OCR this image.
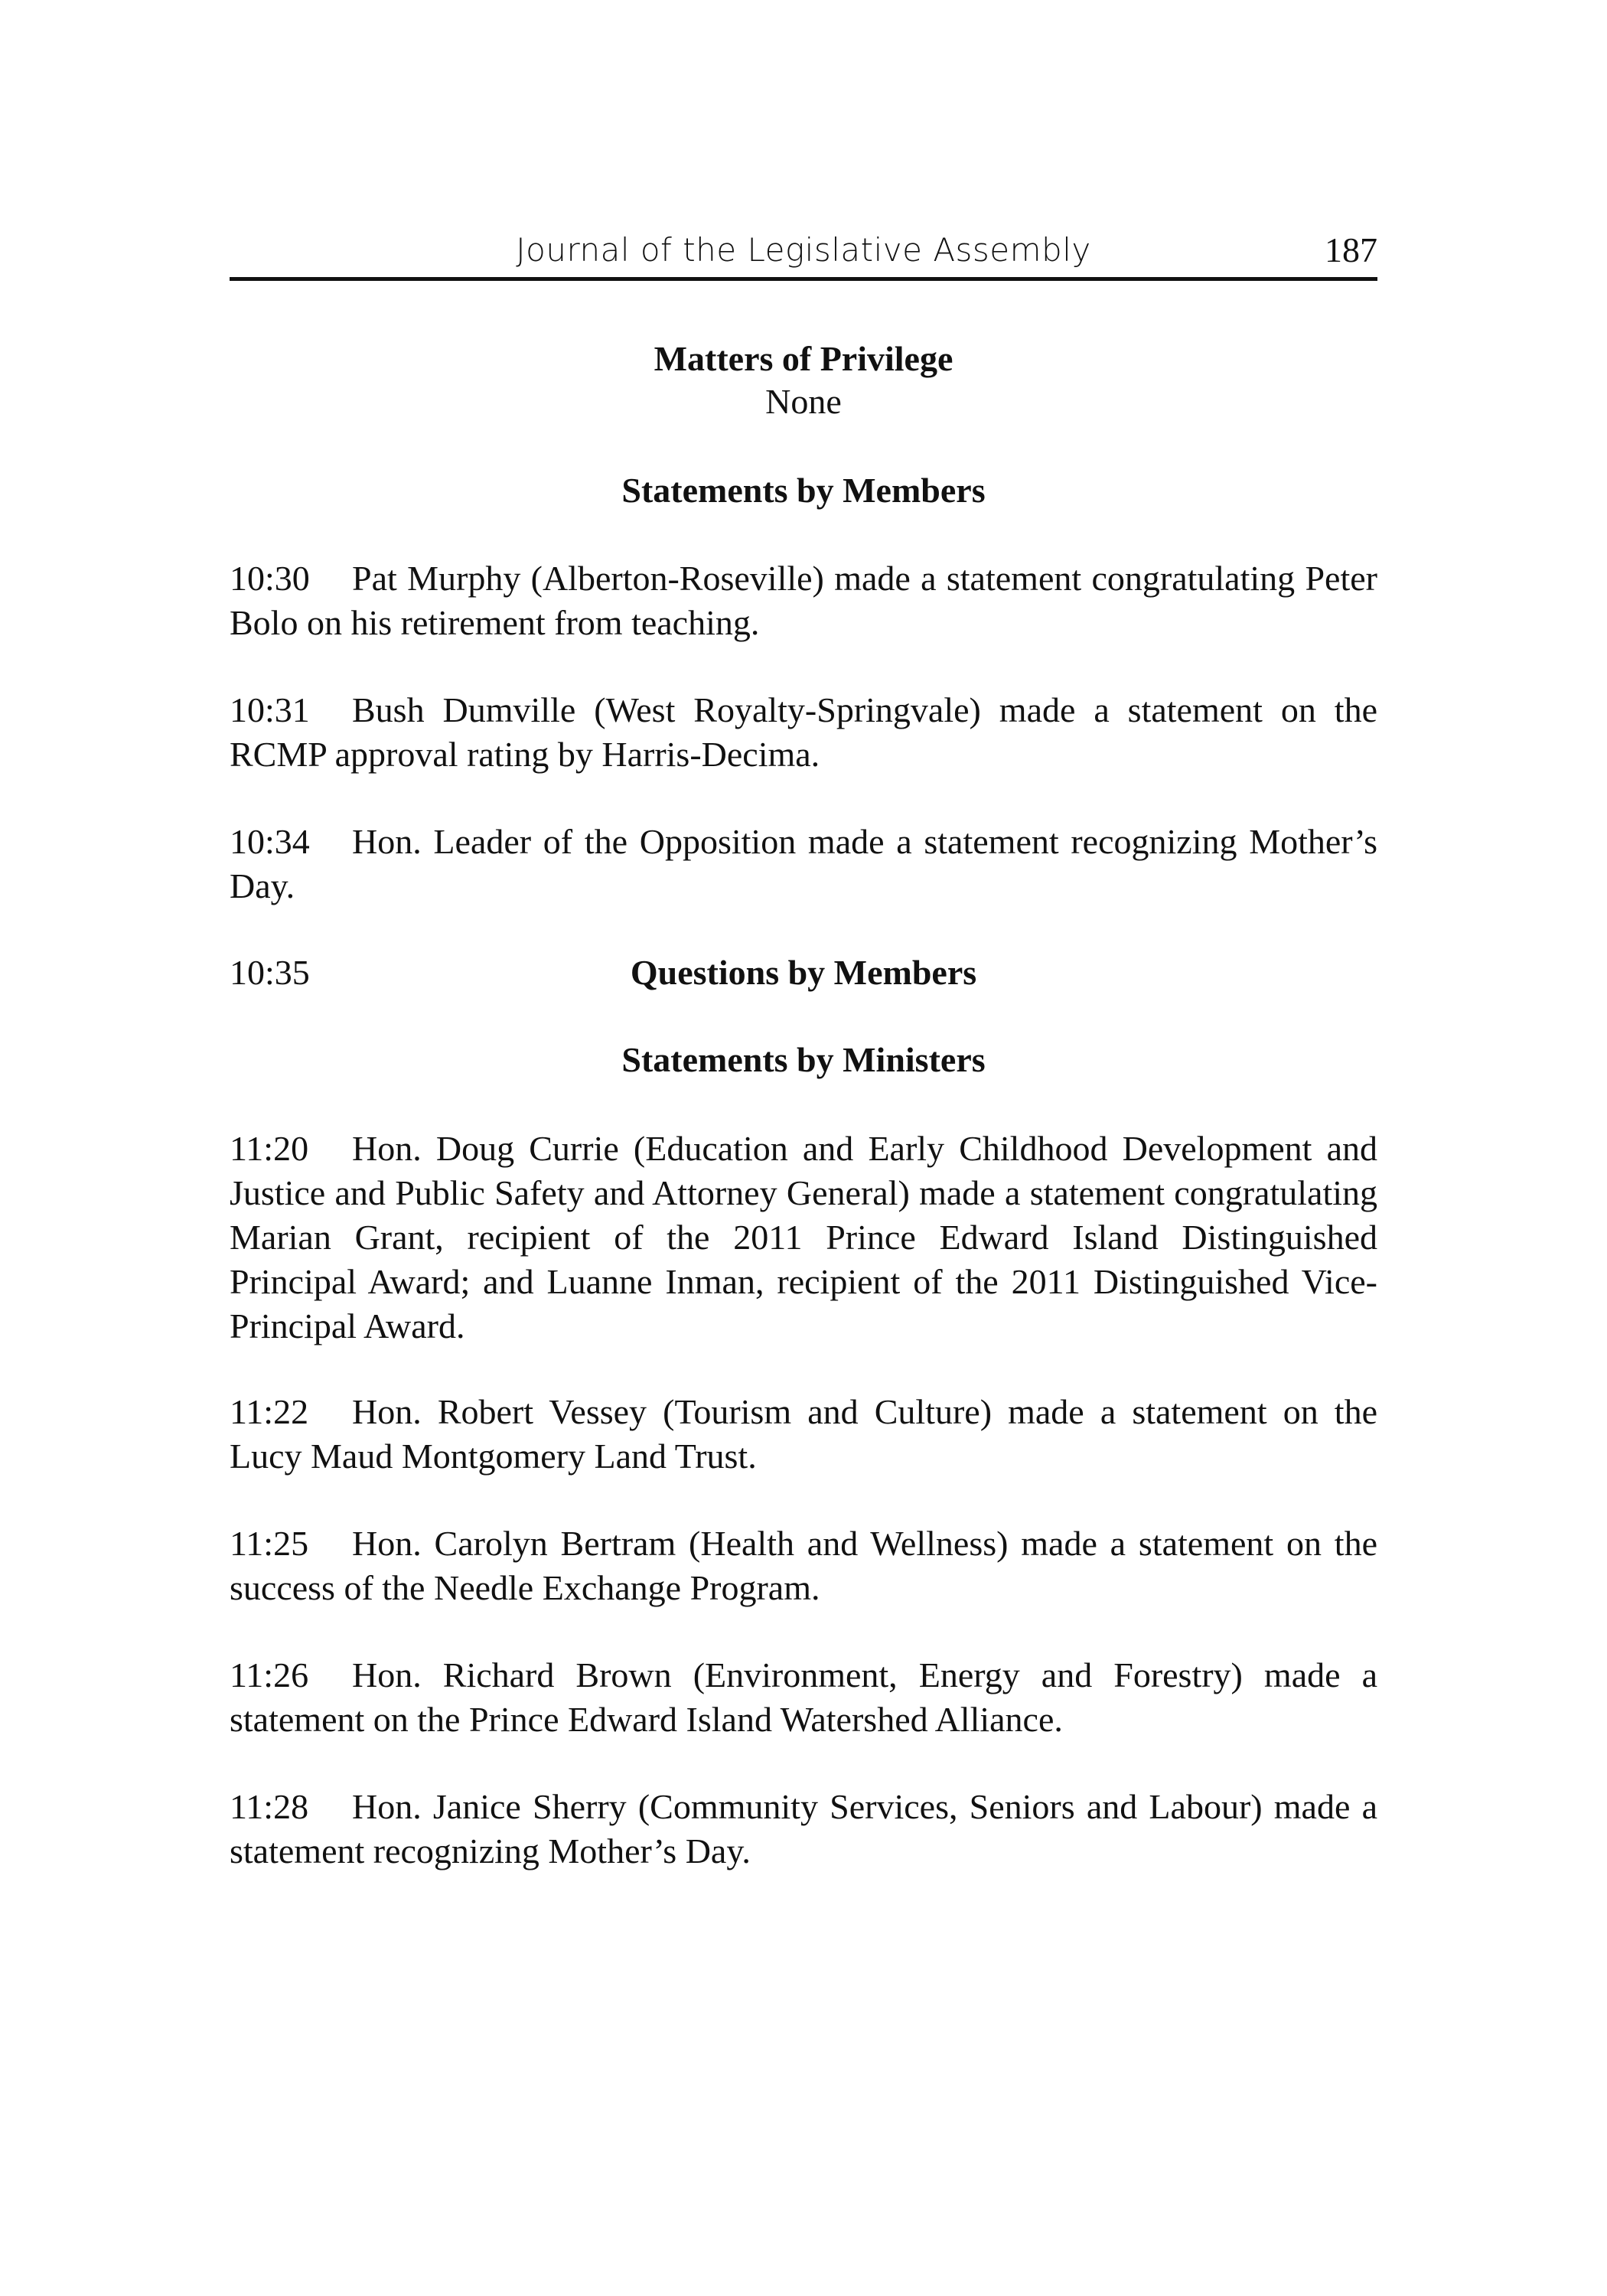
Journal of the Legislative Assembly	187
Matters of Privilege
None
Statements by Members
10:30 Pat Murphy (Alberton-Roseville) made a statement congratulating Peter Bolo on his retirement from teaching.
10:31 Bush Dumville (West Royalty-Springvale) made a statement on the RCMP approval rating by Harris-Decima.
10:34 Hon. Leader of the Opposition made a statement recognizing Mother’s Day.
10:35	Questions by Members
Statements by Ministers
11:20 Hon. Doug Currie (Education and Early Childhood Development and Justice and Public Safety and Attorney General) made a statement congratulating Marian Grant, recipient of the 2011 Prince Edward Island Distinguished Principal Award; and Luanne Inman, recipient of the 2011 Distinguished Vice-Principal Award.
11:22 Hon. Robert Vessey (Tourism and Culture) made a statement on the Lucy Maud Montgomery Land Trust.
11:25 Hon. Carolyn Bertram (Health and Wellness) made a statement on the success of the Needle Exchange Program.
11:26 Hon. Richard Brown (Environment, Energy and Forestry) made a statement on the Prince Edward Island Watershed Alliance.
11:28 Hon. Janice Sherry (Community Services, Seniors and Labour) made a statement recognizing Mother’s Day.
